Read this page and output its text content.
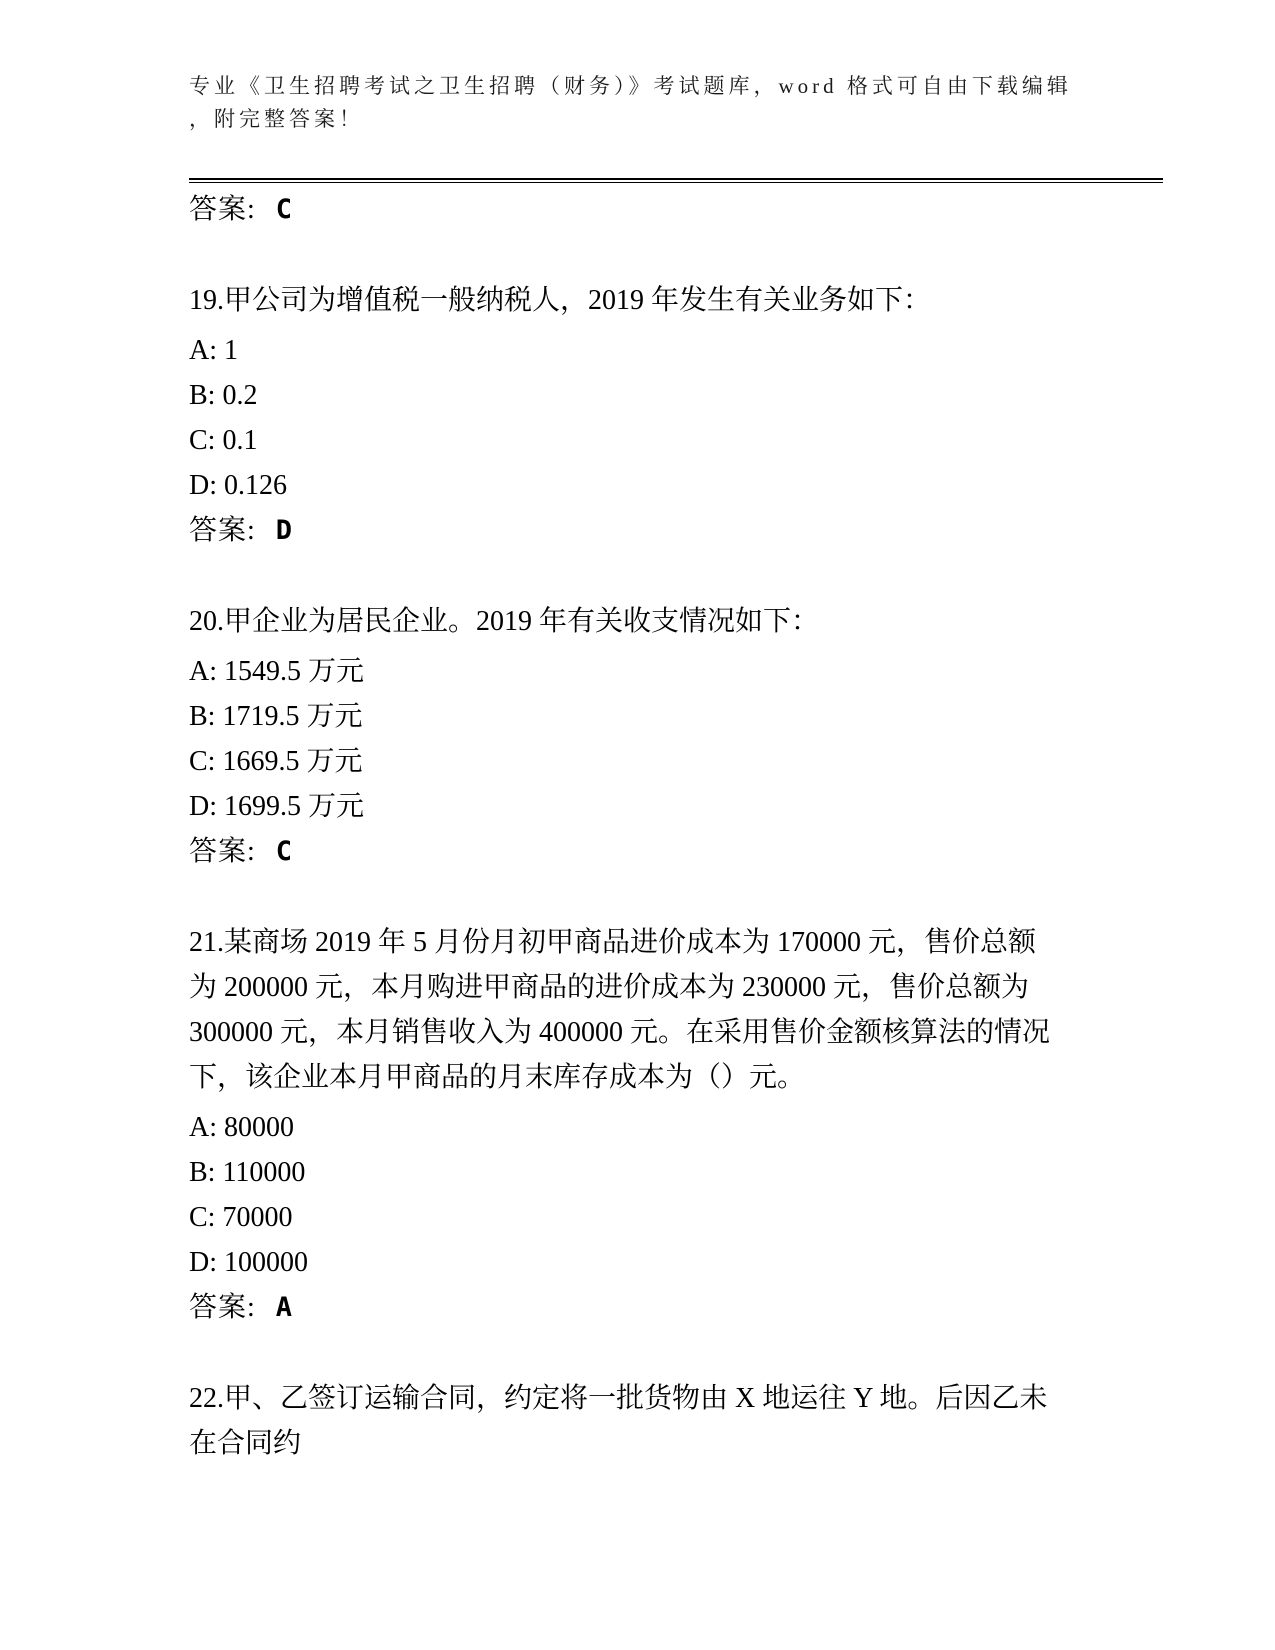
专业《卫生招聘考试之卫生招聘（财务）》考试题库，word 格式可自由下载编辑
，附完整答案！

答案: C

19.甲公司为增值税一般纳税人，2019 年发生有关业务如下：

A: 1

B: 0.2

C: 0.1

D: 0.126

答案: D

20.甲企业为居民企业。2019 年有关收支情况如下：

A: 1549.5 万元

B: 1719.5 万元

C: 1669.5 万元

D: 1699.5 万元

答案: C

21.某商场 2019 年 5 月份月初甲商品进价成本为 170000 元，售价总额

为 200000 元，本月购进甲商品的进价成本为 230000 元，售价总额为

300000 元，本月销售收入为 400000 元。在采用售价金额核算法的情况

下，该企业本月甲商品的月末库存成本为（）元。

A: 80000

B: 110000

C: 70000

D: 100000

答案: A

22.甲、乙签订运输合同，约定将一批货物由 X 地运往 Y 地。后因乙未

在合同约
